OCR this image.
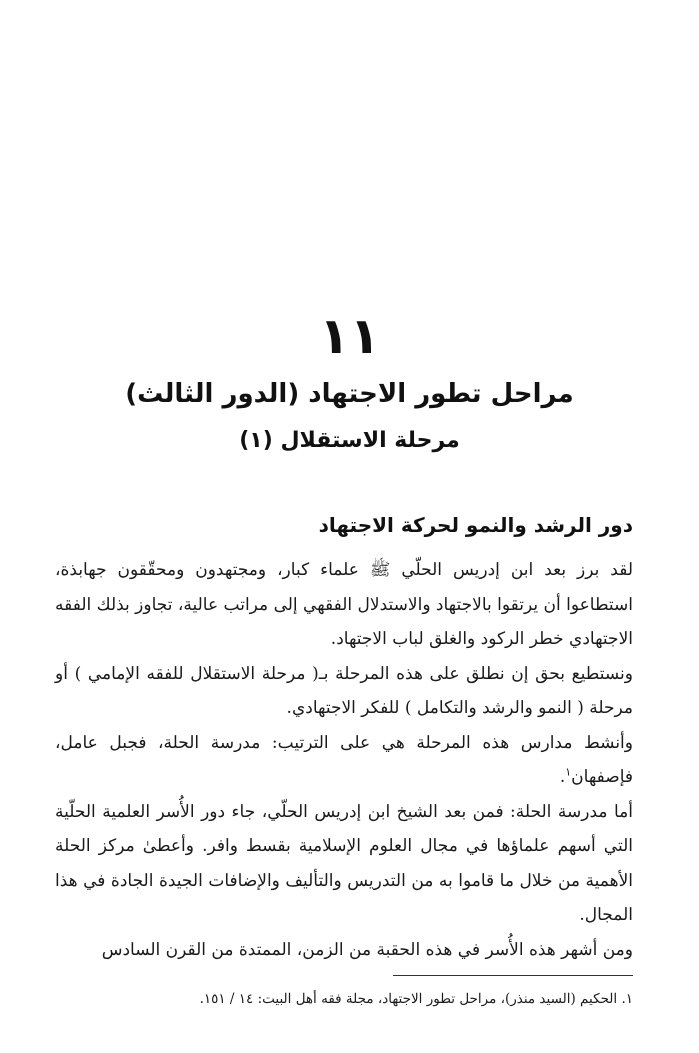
١١
مراحل تطور الاجتهاد (الدور الثالث)
مرحلة الاستقلال (١)
دور الرشد والنمو لحركة الاجتهاد

لقد برز بعد ابن إدريس الحلّي ﷺ علماء كبار، ومجتهدون ومحقّقون جهابذة، استطاعوا أن يرتقوا بالاجتهاد والاستدلال الفقهي إلى مراتب عالية، تجاوز بذلك الفقه الاجتهادي خطر الركود والغلق لباب الاجتهاد.

ونستطيع بحق إن نطلق على هذه المرحلة بـ( مرحلة الاستقلال للفقه الإمامي ) أو مرحلة ( النمو والرشد والتكامل ) للفكر الاجتهادي.

وأنشط مدارس هذه المرحلة هي على الترتيب: مدرسة الحلة، فجبل عامل، فإصفهان$^١$.

أما مدرسة الحلة: فمن بعد الشيخ ابن إدريس الحلّي، جاء دور الأُسر العلمية الحلّية التي أسهم علماؤها في مجال العلوم الإسلامية بقسط وافر. وأعطىٰ مركز الحلة الأهمية من خلال ما قاموا به من التدريس والتأليف والإضافات الجيدة الجادة في هذا المجال.

ومن أشهر هذه الأُسر في هذه الحقبة من الزمن، الممتدة من القرن السادس

١. الحكيم (السيد منذر)، مراحل تطور الاجتهاد، مجلة فقه أهل البيت: ١٤ / ١٥١.
